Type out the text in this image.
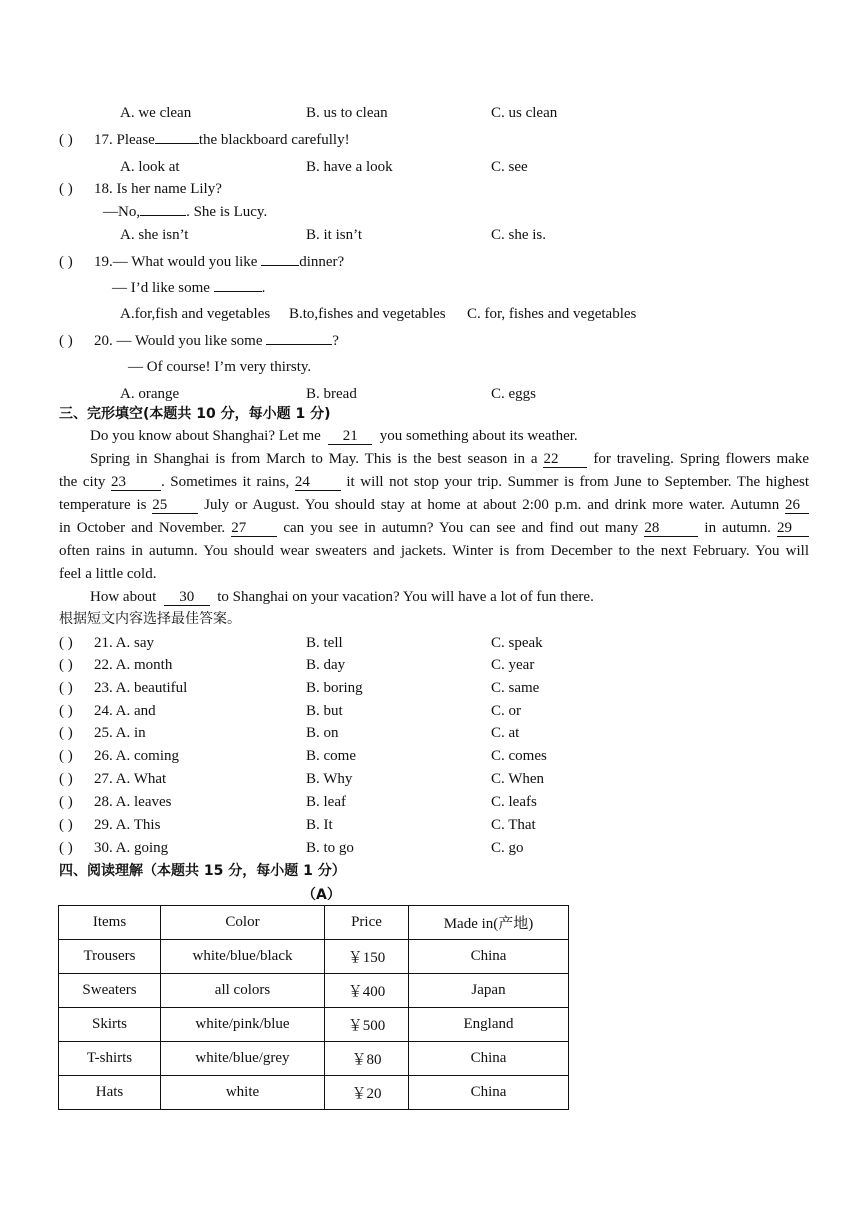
A. we clean	B. us to clean	C. us clean
( ) 17. Please	the blackboard carefully!
A. look at	B. have a look	C. see
( ) 18. Is her name Lily?
—No,	. She is Lucy.
A. she isn’t	B. it isn’t	C. she is.
( ) 19.— What would you like	dinner?
— I’d like some	.
A.for,fish and vegetables B.to,fishes and vegetables C. for, fishes and vegetables
( ) 20. — Would you like some	?
— Of course! I’m very thirsty.
A. orange	B. bread	C. eggs
三、完形填空(本题共 10 分，每小题 1 分)
Do you know about Shanghai? Let me 21 you something about its weather.
Spring in Shanghai is from March to May. This is the best season in a 22 for traveling. Spring flowers make
the city 23 . Sometimes it rains, 24 it will not stop your trip. Summer is from June to September. The highest
temperature is 25 July or August. You should stay at home at about 2:00 p.m. and drink more water. Autumn 26
in October and November. 27 can you see in autumn? You can see and find out many 28	in autumn. 29
often rains in autumn. You should wear sweaters and jackets. Winter is from December to the next February. You will
feel a little cold.
How about 30 to Shanghai on your vacation? You will have a lot of fun there.
根据短文内容选择最佳答案。
( ) 21. A. say	B. tell	C. speak
( ) 22. A. month	B. day	C. year
( ) 23. A. beautiful	B. boring	C. same
( ) 24. A. and	B. but	C. or
( ) 25. A. in	B. on	C. at
( ) 26. A. coming	B. come	C. comes
( ) 27. A. What	B. Why	C. When
( ) 28. A. leaves	B. leaf	C. leafs
( ) 29. A. This	B. It	C. That
( ) 30. A. going	B. to go	C. go
四、阅读理解（本题共 15 分，每小题 1 分）
（A）
Items	Color	Price	Made in(产地)
Trousers	white/blue/black	￥150	China
Sweaters	all colors	￥400	Japan
Skirts	white/pink/blue	￥500	England
T-shirts	white/blue/grey	￥80	China
Hats	white	￥20	China
